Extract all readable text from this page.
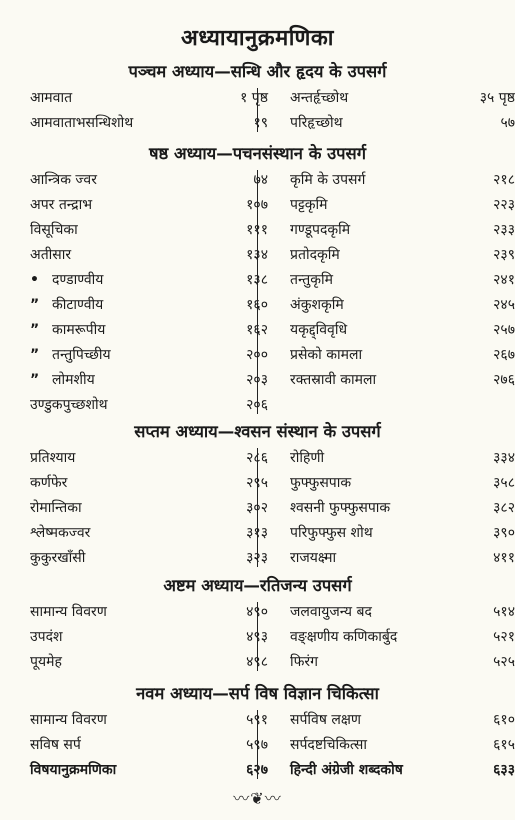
अध्यायानुक्रमणिका
पञ्चम अध्याय—सन्धि और हृदय के उपसर्ग
आमवात	१ पृष्ठ	अन्तर्हृच्छोथ	३५ पृष्ठ
आमवाताभसन्धिशोथ	१९	परिहृच्छोथ	५७
षष्ठ अध्याय—पचनसंस्थान के उपसर्ग
आन्त्रिक ज्वर	७४	कृमि के उपसर्ग	२१८
अपर तन्द्राभ	१०७	पट्टकृमि	२२३
विसूचिका	१११	गण्डूपदकृमि	२३३
अतीसार	१३४	प्रतोदकृमि	२३९
• दण्डाण्वीय	१३८	तन्तुकृमि	२४१
” कीटाण्वीय	१६०	अंकुशकृमि	२४५
” कामरूपीय	१६२	यकृद्द्विवृधि	२५७
” तन्तुपिच्छीय	२००	प्रसेको कामला	२६७
” लोमशीय	२०३	रक्तस्रावी कामला	२७६
उण्डुकपुच्छशोथ	२०६
सप्तम अध्याय—श्वसन संस्थान के उपसर्ग
प्रतिश्याय	२८६	रोहिणी	३३४
कर्णफेर	२९५	फुफ्फुसपाक	३५८
रोमान्तिका	३०२	श्वसनी फुफ्फुसपाक	३८२
श्लेष्मकज्वर	३१३	परिफुफ्फुस शोथ	३९०
कुकुरखाँसी	३२३	राजयक्ष्मा	४११
अष्टम अध्याय—रतिजन्य उपसर्ग
सामान्य विवरण	४९०	जलवायुजन्य बद	५१४
उपदंश	४९३	वङ्क्षणीय कणिकार्बुद	५२१
पूयमेह	४९८	फिरंग	५२५
नवम अध्याय—सर्प विष विज्ञान चिकित्सा
सामान्य विवरण	५९१	सर्पविष लक्षण	६१०
सविष सर्प	५९७	सर्पदष्टचिकित्सा	६१५
विषयानुक्रमणिका	६२७	हिन्दी अंग्रेजी शब्दकोष	६३३
〰❦〰
